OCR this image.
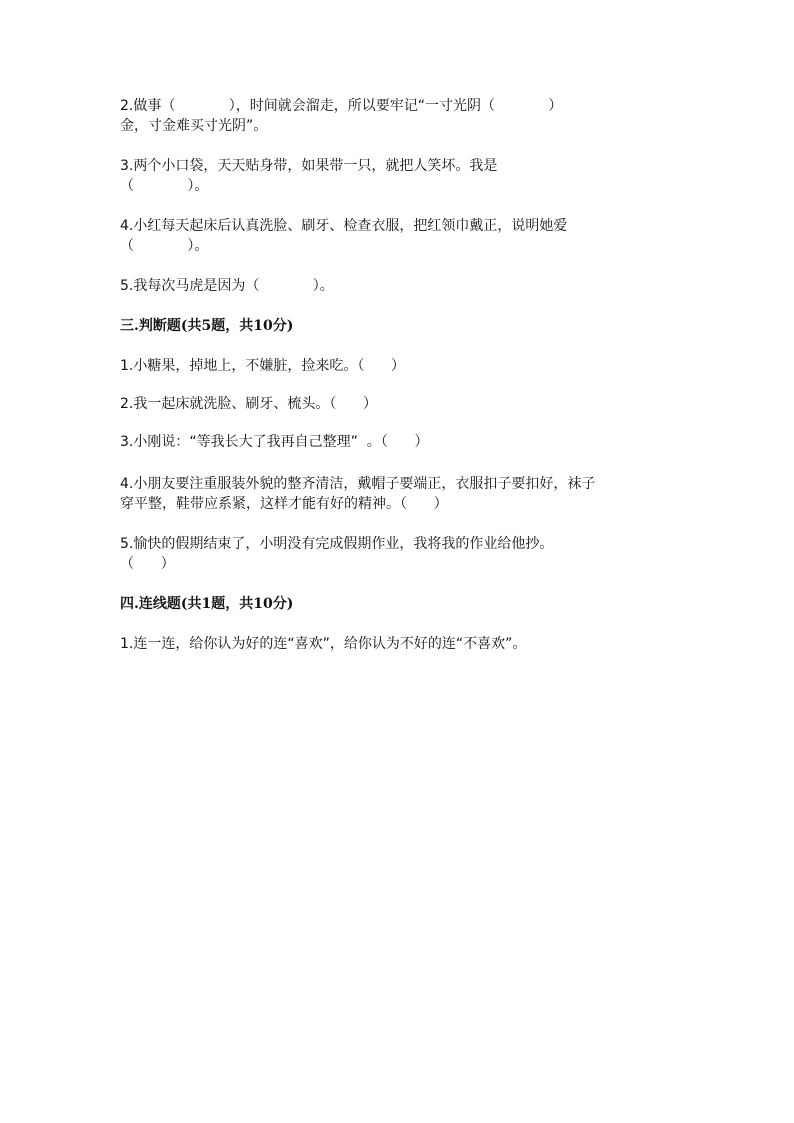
2.做事（            ），时间就会溜走，所以要牢记“一寸光阴（            ）

金，寸金难买寸光阴”。

3.两个小口袋，天天贴身带，如果带一只，就把人笑坏。我是

（            ）。

4.小红每天起床后认真洗脸、刷牙、检查衣服，把红领巾戴正，说明她爱

（            ）。

5.我每次马虎是因为（            ）。

三.判断题(共5题，共10分)

1.小糖果，掉地上，不嫌脏，捡来吃。（      ）

2.我一起床就洗脸、刷牙、梳头。（      ）

3.小刚说：“等我长大了我再自己整理”  。（      ）

4.小朋友要注重服装外貌的整齐清洁，戴帽子要端正，衣服扣子要扣好，袜子

穿平整，鞋带应系紧，这样才能有好的精神。（      ）

5.愉快的假期结束了，小明没有完成假期作业，我将我的作业给他抄。

（      ）

四.连线题(共1题，共10分)

1.连一连，给你认为好的连“喜欢”，给你认为不好的连“不喜欢”。
